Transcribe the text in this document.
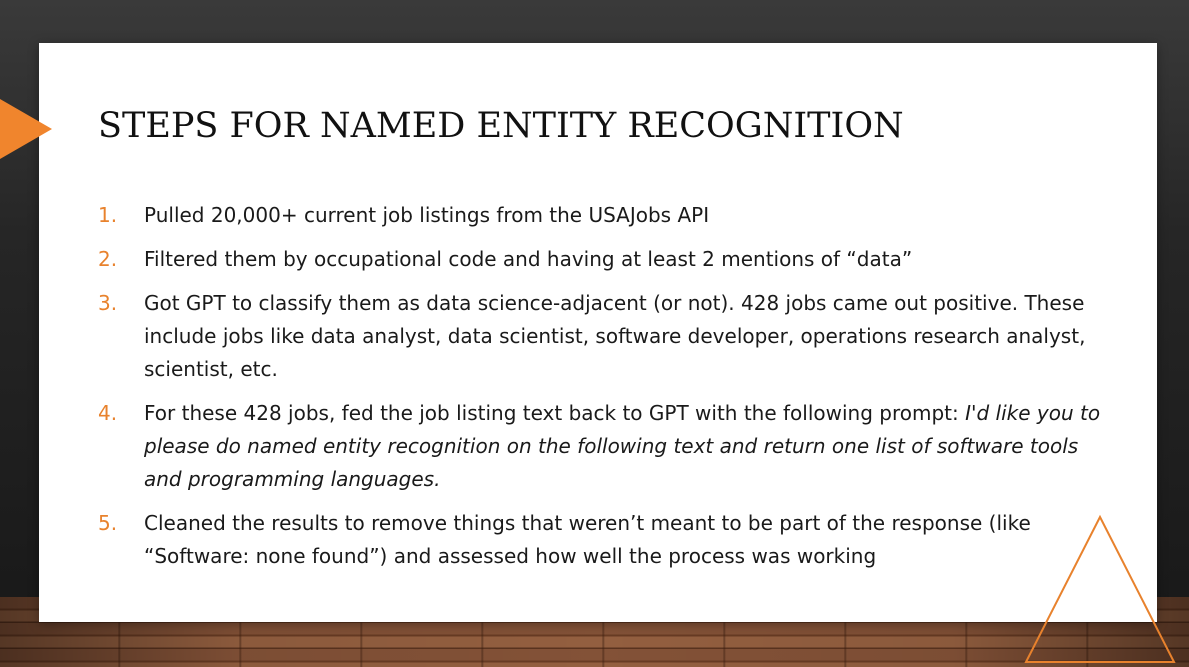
STEPS FOR NAMED ENTITY RECOGNITION
1. Pulled 20,000+ current job listings from the USAJobs API
2. Filtered them by occupational code and having at least 2 mentions of “data”
3. Got GPT to classify them as data science-adjacent (or not). 428 jobs came out positive. These include jobs like data analyst, data scientist, software developer, operations research analyst, scientist, etc.
4. For these 428 jobs, fed the job listing text back to GPT with the following prompt: I'd like you to please do named entity recognition on the following text and return one list of software tools and programming languages.
5. Cleaned the results to remove things that weren’t meant to be part of the response (like “Software: none found”) and assessed how well the process was working
